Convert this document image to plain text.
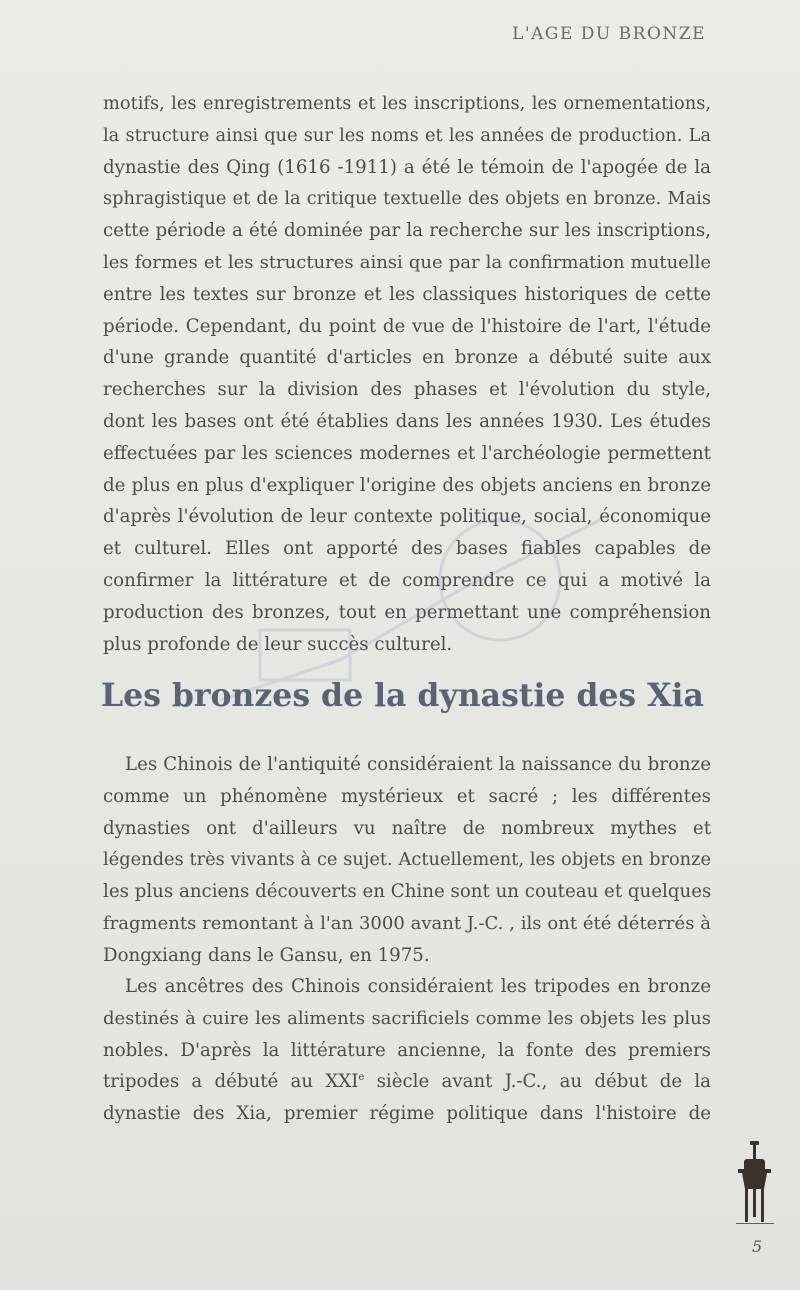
L'AGE DU BRONZE
motifs, les enregistrements et les inscriptions, les ornementations,
la structure ainsi que sur les noms et les années de production. La
dynastie des Qing (1616 -1911) a été le témoin de l'apogée de la
sphragistique et de la critique textuelle des objets en bronze. Mais
cette période a été dominée par la recherche sur les inscriptions,
les formes et les structures ainsi que par la confirmation mutuelle
entre les textes sur bronze et les classiques historiques de cette
période. Cependant, du point de vue de l'histoire de l'art, l'étude
d'une grande quantité d'articles en bronze a débuté suite aux
recherches sur la division des phases et l'évolution du style,
dont les bases ont été établies dans les années 1930. Les études
effectuées par les sciences modernes et l'archéologie permettent
de plus en plus d'expliquer l'origine des objets anciens en bronze
d'après l'évolution de leur contexte politique, social, économique
et culturel. Elles ont apporté des bases fiables capables de
confirmer la littérature et de comprendre ce qui a motivé la
production des bronzes, tout en permettant une compréhension
plus profonde de leur succès culturel.
Les bronzes de la dynastie des Xia
Les Chinois de l'antiquité considéraient la naissance du bronze
comme un phénomène mystérieux et sacré ; les différentes
dynasties ont d'ailleurs vu naître de nombreux mythes et
légendes très vivants à ce sujet. Actuellement, les objets en bronze
les plus anciens découverts en Chine sont un couteau et quelques
fragments remontant à l'an 3000 avant J.-C. , ils ont été déterrés à
Dongxiang dans le Gansu, en 1975.
Les ancêtres des Chinois considéraient les tripodes en bronze
destinés à cuire les aliments sacrificiels comme les objets les plus
nobles. D'après la littérature ancienne, la fonte des premiers
tripodes a débuté au XXIe siècle avant J.-C., au début de la
dynastie des Xia, premier régime politique dans l'histoire de
5
